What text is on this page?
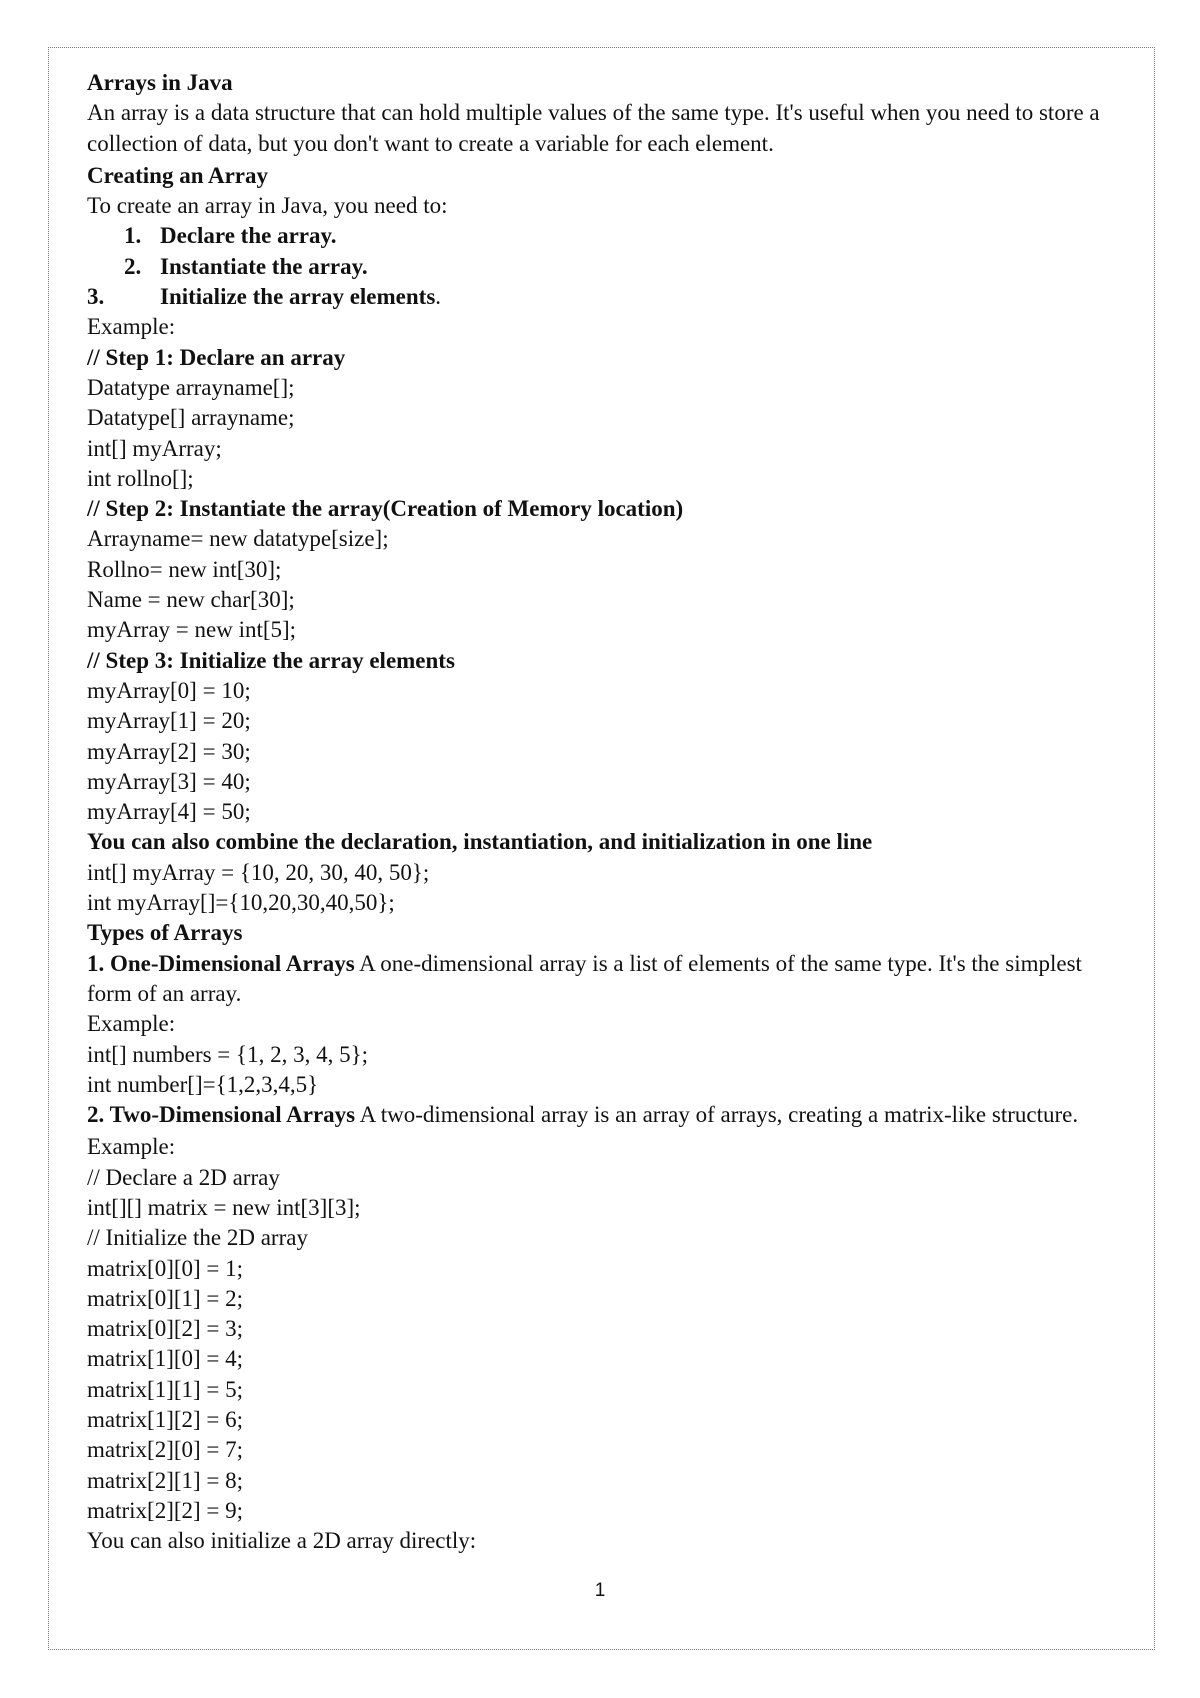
Arrays in Java

An array is a data structure that can hold multiple values of the same type. It's useful when you need to store a collection of data, but you don't want to create a variable for each element.

Creating an Array

To create an array in Java, you need to:

1. Declare the array.

2. Instantiate the array.

3. Initialize the array elements.

Example:

// Step 1: Declare an array

Datatype arrayname[];

Datatype[] arrayname;

int[] myArray;

int rollno[];

// Step 2: Instantiate the array(Creation of Memory location)

Arrayname= new datatype[size];

Rollno= new int[30];

Name = new char[30];

myArray = new int[5];

// Step 3: Initialize the array elements

myArray[0] = 10;

myArray[1] = 20;

myArray[2] = 30;

myArray[3] = 40;

myArray[4] = 50;

You can also combine the declaration, instantiation, and initialization in one line

int[] myArray = {10, 20, 30, 40, 50};

int myArray[]={10,20,30,40,50};

Types of Arrays

1. One-Dimensional Arrays A one-dimensional array is a list of elements of the same type. It's the simplest form of an array.

Example:

int[] numbers = {1, 2, 3, 4, 5};

int number[]={1,2,3,4,5}

2. Two-Dimensional Arrays A two-dimensional array is an array of arrays, creating a matrix-like structure.

Example:

// Declare a 2D array

int[][] matrix = new int[3][3];

// Initialize the 2D array

matrix[0][0] = 1;

matrix[0][1] = 2;

matrix[0][2] = 3;

matrix[1][0] = 4;

matrix[1][1] = 5;

matrix[1][2] = 6;

matrix[2][0] = 7;

matrix[2][1] = 8;

matrix[2][2] = 9;

You can also initialize a 2D array directly:

1
